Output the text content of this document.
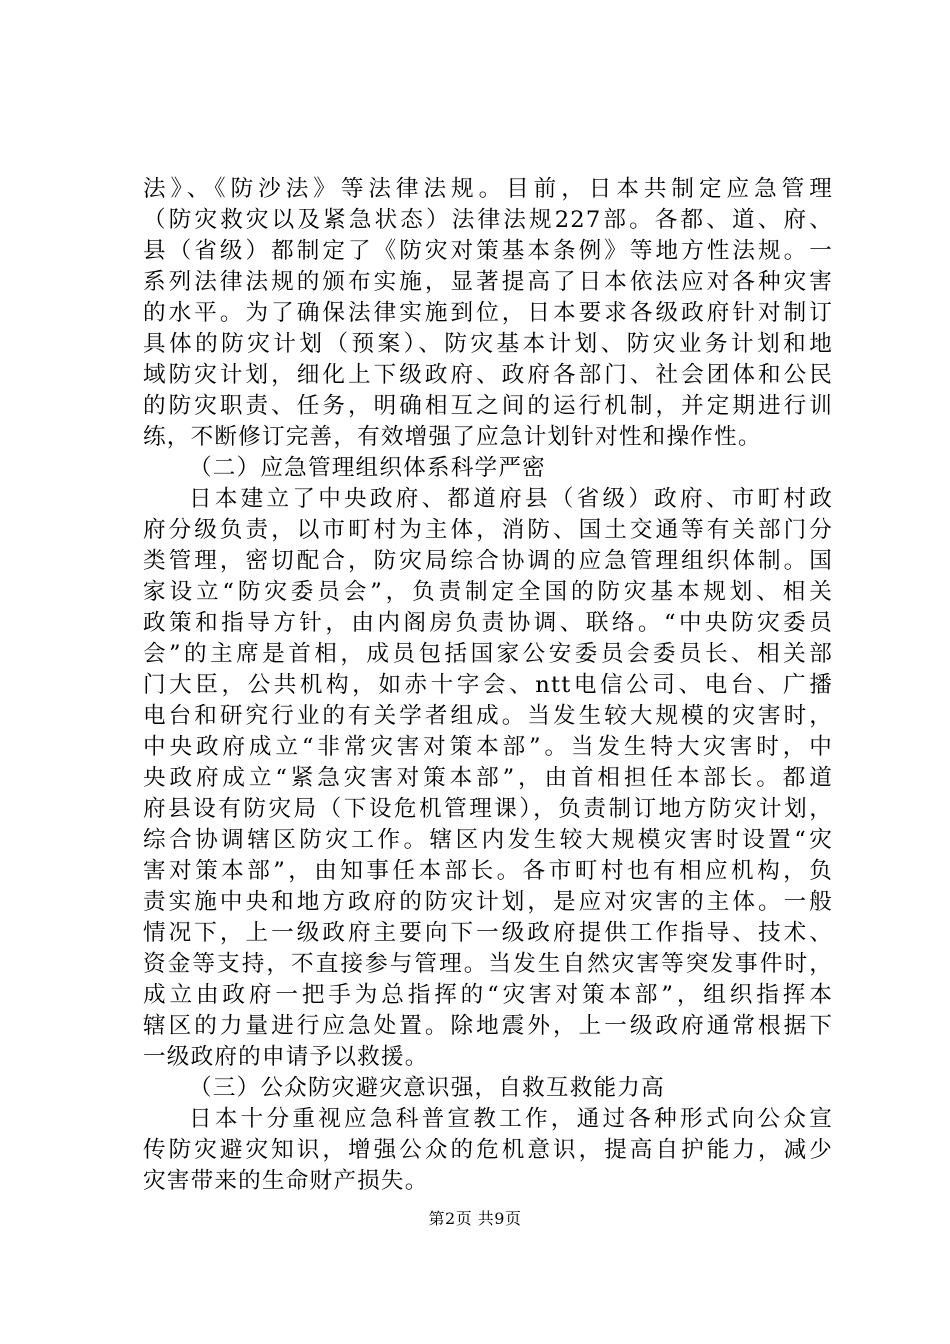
法》、《防沙法》等法律法规。目前，日本共制定应急管理
（防灾救灾以及紧急状态）法律法规227部。各都、道、府、
县（省级）都制定了《防灾对策基本条例》等地方性法规。一
系列法律法规的颁布实施，显著提高了日本依法应对各种灾害
的水平。为了确保法律实施到位，日本要求各级政府针对制订
具体的防灾计划（预案）、防灾基本计划、防灾业务计划和地
域防灾计划，细化上下级政府、政府各部门、社会团体和公民
的防灾职责、任务，明确相互之间的运行机制，并定期进行训
练，不断修订完善，有效增强了应急计划针对性和操作性。
（二）应急管理组织体系科学严密
日本建立了中央政府、都道府县（省级）政府、市町村政
府分级负责，以市町村为主体，消防、国土交通等有关部门分
类管理，密切配合，防灾局综合协调的应急管理组织体制。国
家设立“防灾委员会”，负责制定全国的防灾基本规划、相关
政策和指导方针，由内阁房负责协调、联络。“中央防灾委员
会”的主席是首相，成员包括国家公安委员会委员长、相关部
门大臣，公共机构，如赤十字会、ntt电信公司、电台、广播
电台和研究行业的有关学者组成。当发生较大规模的灾害时，
中央政府成立“非常灾害对策本部”。当发生特大灾害时，中
央政府成立“紧急灾害对策本部”，由首相担任本部长。都道
府县设有防灾局（下设危机管理课），负责制订地方防灾计划，
综合协调辖区防灾工作。辖区内发生较大规模灾害时设置“灾
害对策本部”，由知事任本部长。各市町村也有相应机构，负
责实施中央和地方政府的防灾计划，是应对灾害的主体。一般
情况下，上一级政府主要向下一级政府提供工作指导、技术、
资金等支持，不直接参与管理。当发生自然灾害等突发事件时，
成立由政府一把手为总指挥的“灾害对策本部”，组织指挥本
辖区的力量进行应急处置。除地震外，上一级政府通常根据下
一级政府的申请予以救援。
（三）公众防灾避灾意识强，自救互救能力高
日本十分重视应急科普宣教工作，通过各种形式向公众宣
传防灾避灾知识，增强公众的危机意识，提高自护能力，减少
灾害带来的生命财产损失。
第2页 共9页
